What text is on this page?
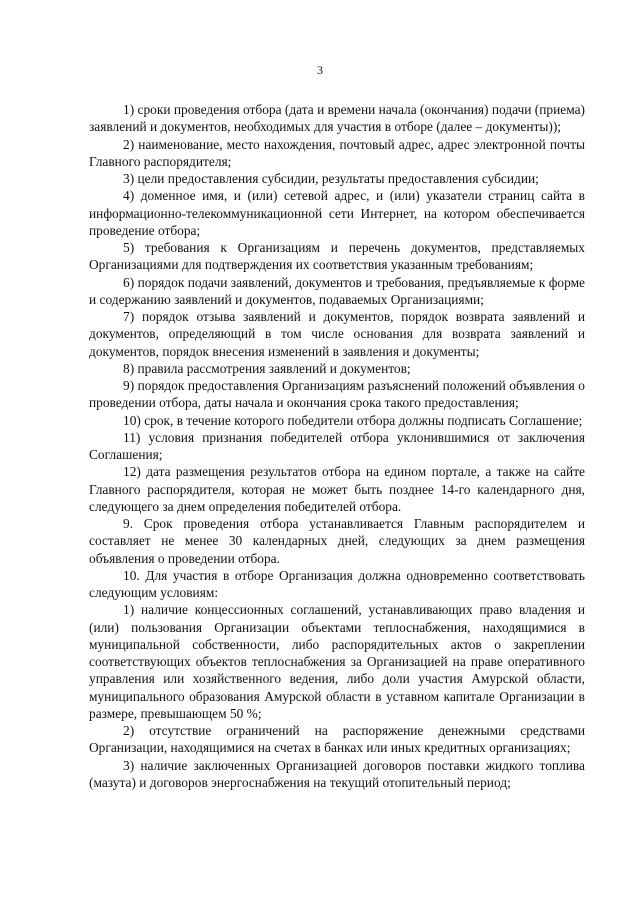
3

1) сроки проведения отбора (дата и времени начала (окончания) подачи (приема) заявлений и документов, необходимых для участия в отборе (далее – документы));

2) наименование, место нахождения, почтовый адрес, адрес электронной почты Главного распорядителя;

3) цели предоставления субсидии, результаты предоставления субсидии;

4) доменное имя, и (или) сетевой адрес, и (или) указатели страниц сайта в информационно-телекоммуникационной сети Интернет, на котором обеспечивается проведение отбора;

5) требования к Организациям и перечень документов, представляемых Организациями для подтверждения их соответствия указанным требованиям;

6) порядок подачи заявлений, документов и требования, предъявляемые к форме и содержанию заявлений и документов, подаваемых Организациями;

7) порядок отзыва заявлений и документов, порядок возврата заявлений и документов, определяющий в том числе основания для возврата заявлений и документов, порядок внесения изменений в заявления и документы;

8) правила рассмотрения заявлений и документов;

9) порядок предоставления Организациям разъяснений положений объявления о проведении отбора, даты начала и окончания срока такого предоставления;

10) срок, в течение которого победители отбора должны подписать Соглашение;

11) условия признания победителей отбора уклонившимися от заключения Соглашения;

12) дата размещения результатов отбора на едином портале, а также на сайте Главного распорядителя, которая не может быть позднее 14-го календарного дня, следующего за днем определения победителей отбора.

9. Срок проведения отбора устанавливается Главным распорядителем и составляет не менее 30 календарных дней, следующих за днем размещения объявления о проведении отбора.

10. Для участия в отборе Организация должна одновременно соответствовать следующим условиям:

1) наличие концессионных соглашений, устанавливающих право владения и (или) пользования Организации объектами теплоснабжения, находящимися в муниципальной собственности, либо распорядительных актов о закреплении соответствующих объектов теплоснабжения за Организацией на праве оперативного управления или хозяйственного ведения, либо доли участия Амурской области, муниципального образования Амурской области в уставном капитале Организации в размере, превышающем 50 %;

2) отсутствие ограничений на распоряжение денежными средствами Организации, находящимися на счетах в банках или иных кредитных организациях;

3) наличие заключенных Организацией договоров поставки жидкого топлива (мазута) и договоров энергоснабжения на текущий отопительный период;
